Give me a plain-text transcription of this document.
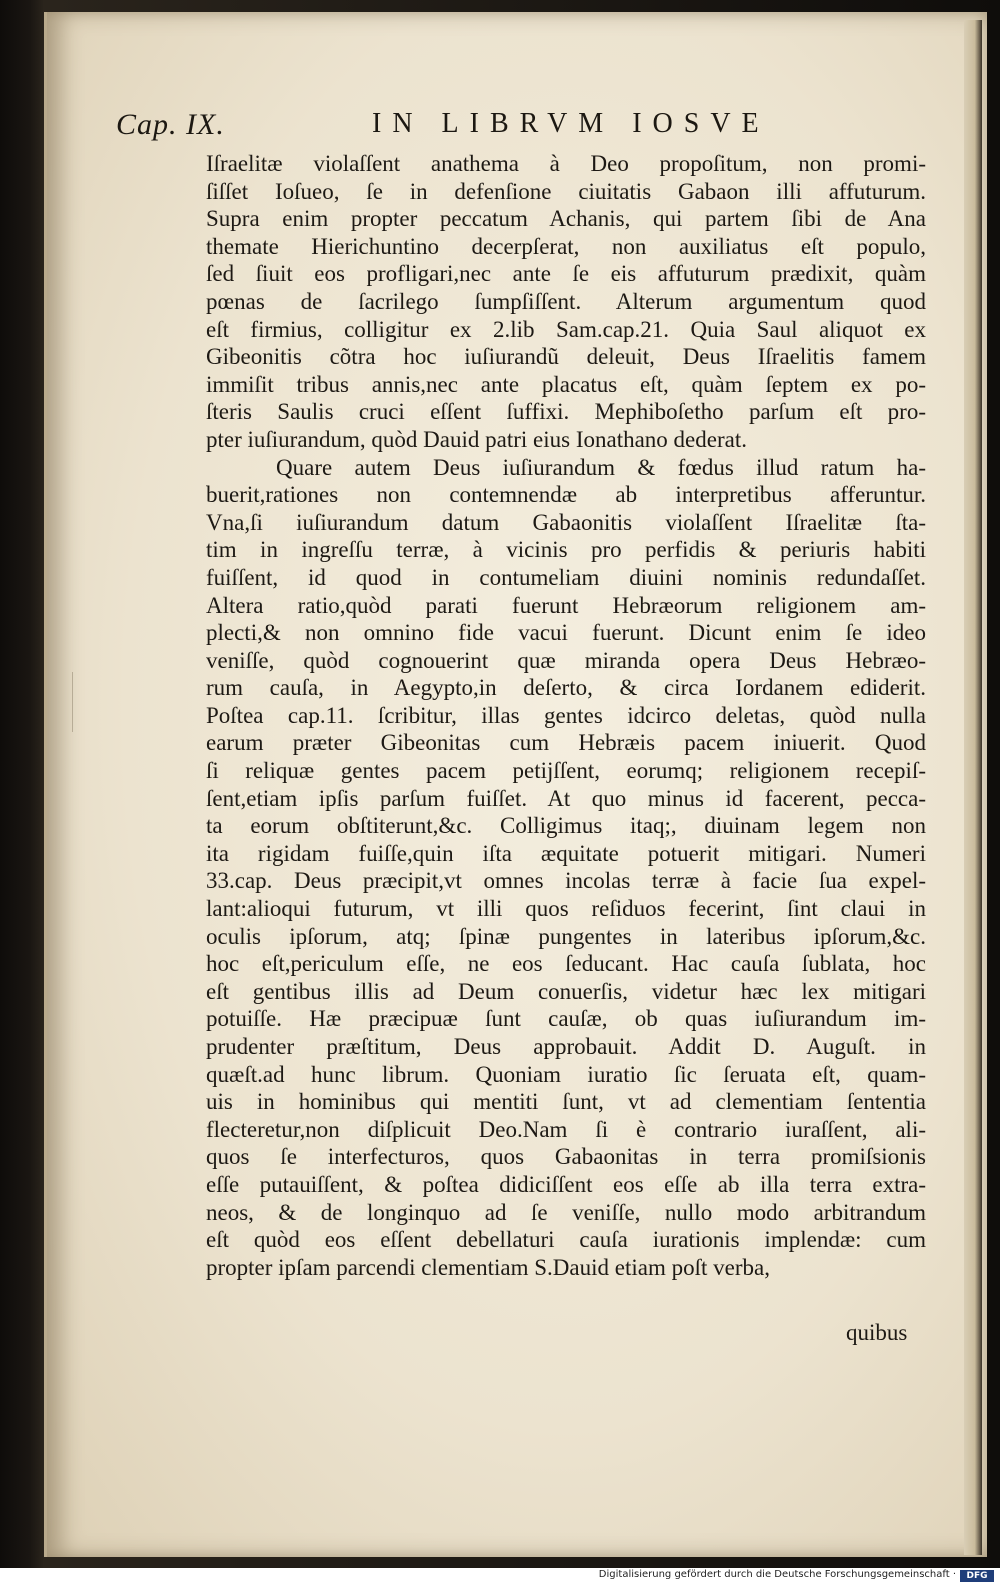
Cap. IX.	IN LIBRVM IOSVE
Iſraelitæ violaſſent anathema à Deo propoſitum, non promi-
ſiſſet Ioſueo, ſe in defenſione ciuitatis Gabaon illi affuturum.
Supra enim propter peccatum Achanis, qui partem ſibi de Ana
themate Hierichuntino decerpſerat, non auxiliatus eſt populo,
ſed ſiuit eos profligari,nec ante ſe eis affuturum prædixit, quàm
pœnas de ſacrilego ſumpſiſſent. Alterum argumentum quod
eſt firmius, colligitur ex 2.lib Sam.cap.21. Quia Saul aliquot ex
Gibeonitis cõtra hoc iuſiurandũ deleuit, Deus Iſraelitis famem
immiſit tribus annis,nec ante placatus eſt, quàm ſeptem ex po-
ſteris Saulis cruci eſſent ſuffixi. Mephiboſetho parſum eſt pro-
pter iuſiurandum, quòd Dauid patri eius Ionathano dederat.
Quare autem Deus iuſiurandum & fœdus illud ratum ha-
buerit,rationes non contemnendæ ab interpretibus afferuntur.
Vna,ſi iuſiurandum datum Gabaonitis violaſſent Iſraelitæ ſta-
tim in ingreſſu terræ, à vicinis pro perfidis & periuris habiti
fuiſſent, id quod in contumeliam diuini nominis redundaſſet.
Altera ratio,quòd parati fuerunt Hebræorum religionem am-
plecti,& non omnino fide vacui fuerunt. Dicunt enim ſe ideo
veniſſe, quòd cognouerint quæ miranda opera Deus Hebræo-
rum cauſa, in Aegypto,in deſerto, & circa Iordanem ediderit.
Poſtea cap.11. ſcribitur, illas gentes idcirco deletas, quòd nulla
earum præter Gibeonitas cum Hebræis pacem iniuerit. Quod
ſi reliquæ gentes pacem petijſſent, eorumq; religionem recepiſ-
ſent,etiam ipſis parſum fuiſſet. At quo minus id facerent, pecca-
ta eorum obſtiterunt,&c. Colligimus itaq;, diuinam legem non
ita rigidam fuiſſe,quin iſta æquitate potuerit mitigari. Numeri
33.cap. Deus præcipit,vt omnes incolas terræ à facie ſua expel-
lant:alioqui futurum, vt illi quos reſiduos fecerint, ſint claui in
oculis ipſorum, atq; ſpinæ pungentes in lateribus ipſorum,&c.
hoc eſt,periculum eſſe, ne eos ſeducant. Hac cauſa ſublata, hoc
eſt gentibus illis ad Deum conuerſis, videtur hæc lex mitigari
potuiſſe. Hæ præcipuæ ſunt cauſæ, ob quas iuſiurandum im-
prudenter præſtitum, Deus approbauit. Addit D. Auguſt. in
quæſt.ad hunc librum. Quoniam iuratio ſic ſeruata eſt, quam-
uis in hominibus qui mentiti ſunt, vt ad clementiam ſententia
flecteretur,non diſplicuit Deo.Nam ſi è contrario iuraſſent, ali-
quos ſe interfecturos, quos Gabaonitas in terra promiſsionis
eſſe putauiſſent, & poſtea didiciſſent eos eſſe ab illa terra extra-
neos, & de longinquo ad ſe veniſſe, nullo modo arbitrandum
eſt quòd eos eſſent debellaturi cauſa iurationis implendæ: cum
propter ipſam parcendi clementiam S.Dauid etiam poſt verba,
quibus
Digitalisierung gefördert durch die Deutsche Forschungsgemeinschaft ·	DFG
